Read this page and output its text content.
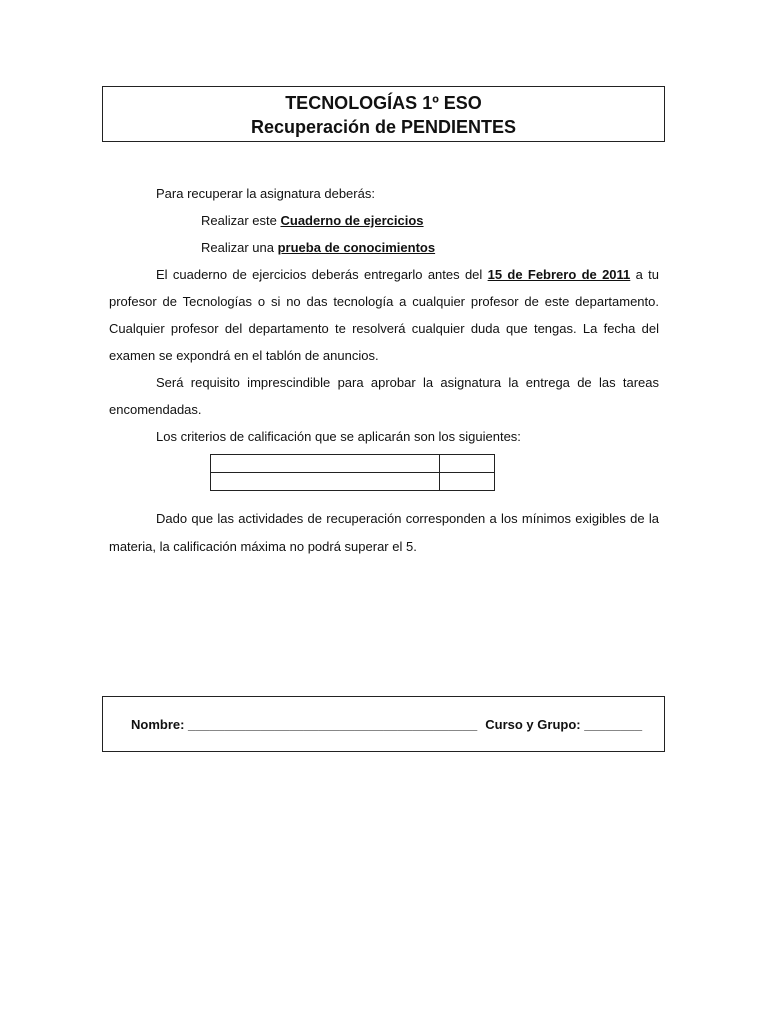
TECNOLOGÍAS 1º ESO
Recuperación de PENDIENTES

Para recuperar la asignatura deberás:

Realizar este Cuaderno de ejercicios

Realizar una prueba de conocimientos

El cuaderno de ejercicios deberás entregarlo antes del 15 de Febrero de 2011 a tu profesor de Tecnologías o si no das tecnología a cualquier profesor de este departamento. Cualquier profesor del departamento te resolverá cualquier duda que tengas. La fecha del examen se expondrá en el tablón de anuncios.

Será requisito imprescindible para aprobar la asignatura la entrega de las tareas encomendadas.

Los criterios de calificación que se aplicarán son los siguientes:

Dado que las actividades de recuperación corresponden a los mínimos exigibles de la materia, la calificación máxima no podrá superar el 5.

Nombre: ________________________________________ Curso y Grupo: ________
